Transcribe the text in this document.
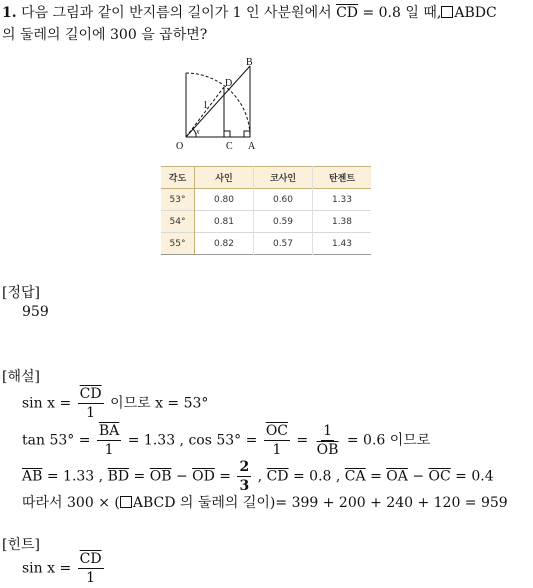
1. 다음 그림과 같이 반지름의 길이가 1 인 사분원에서 $\overline{CD} = 0.8$ 일 때, ABDC
의 둘레의 길이에 300 을 곱하면?
B
D
O	C A
1
x
각도	사인	코사인	탄젠트
53°	0.80	0.60	1.33
54°	0.81	0.59	1.38
55°	0.82	0.57	1.43
[정답]
959
[해설]
$\sin x = \frac{\overline{CD}}{1}$ 이므로 x = 53°
$\tan 53^\circ = \frac{\overline{BA}}{1} = 1.33$ , $\cos 53^\circ = \frac{\overline{OC}}{1} = \frac{1}{OB} = 0.6$ 이므로
$\overline{AB} = 1.33$ , $\overline{BD} = \overline{OB} - \overline{OD} = \frac{2}{3}$ , $\overline{CD} = 0.8$ , $\overline{CA} = \overline{OA} - \overline{OC} = 0.4$
따라서 300 × ( ABCD 의 둘레의 길이)= 399 + 200 + 240 + 120 = 959
[힌트]
$\sin x = \frac{\overline{CD}}{1}$
